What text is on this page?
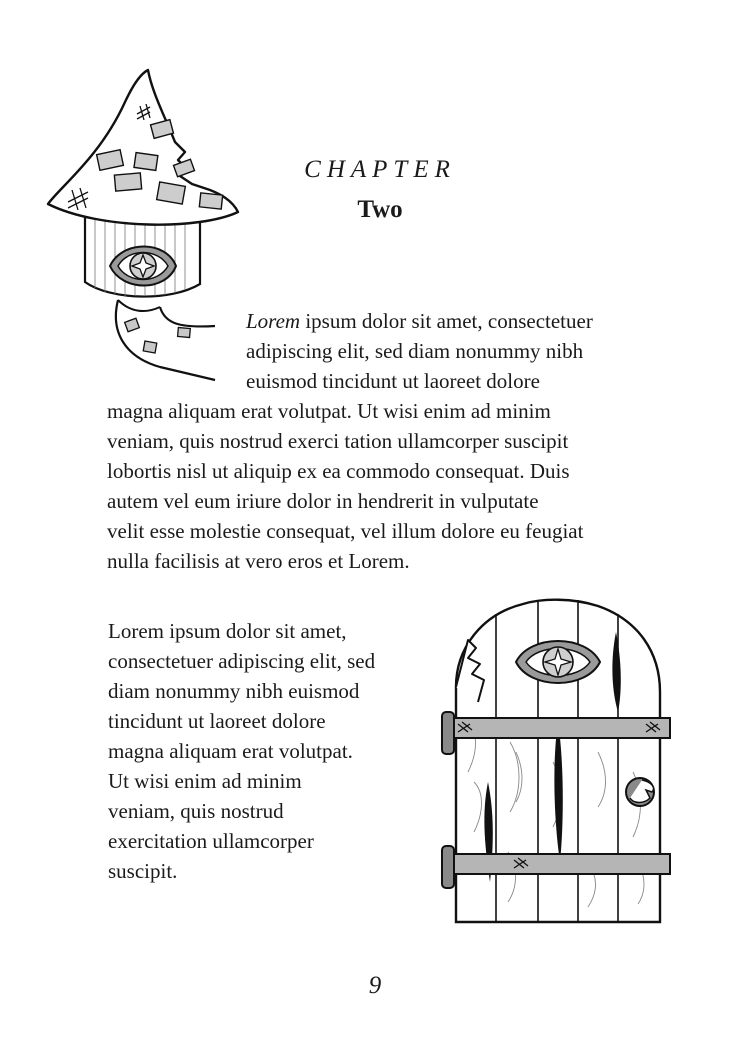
CHAPTER
Two
Lorem ipsum dolor sit amet, consectetuer
adipiscing elit, sed diam nonummy nibh
euismod tincidunt ut laoreet dolore
magna aliquam erat volutpat. Ut wisi enim ad minim
veniam, quis nostrud exerci tation ullamcorper suscipit
lobortis nisl ut aliquip ex ea commodo consequat. Duis
autem vel eum iriure dolor in hendrerit in vulputate
velit esse molestie consequat, vel illum dolore eu feugiat
nulla facilisis at vero eros et Lorem.
Lorem ipsum dolor sit amet,
consectetuer adipiscing elit, sed
diam nonummy nibh euismod
tincidunt ut laoreet dolore
magna aliquam erat volutpat.
Ut wisi enim ad minim
veniam, quis nostrud
exercitation ullamcorper
suscipit.
9
